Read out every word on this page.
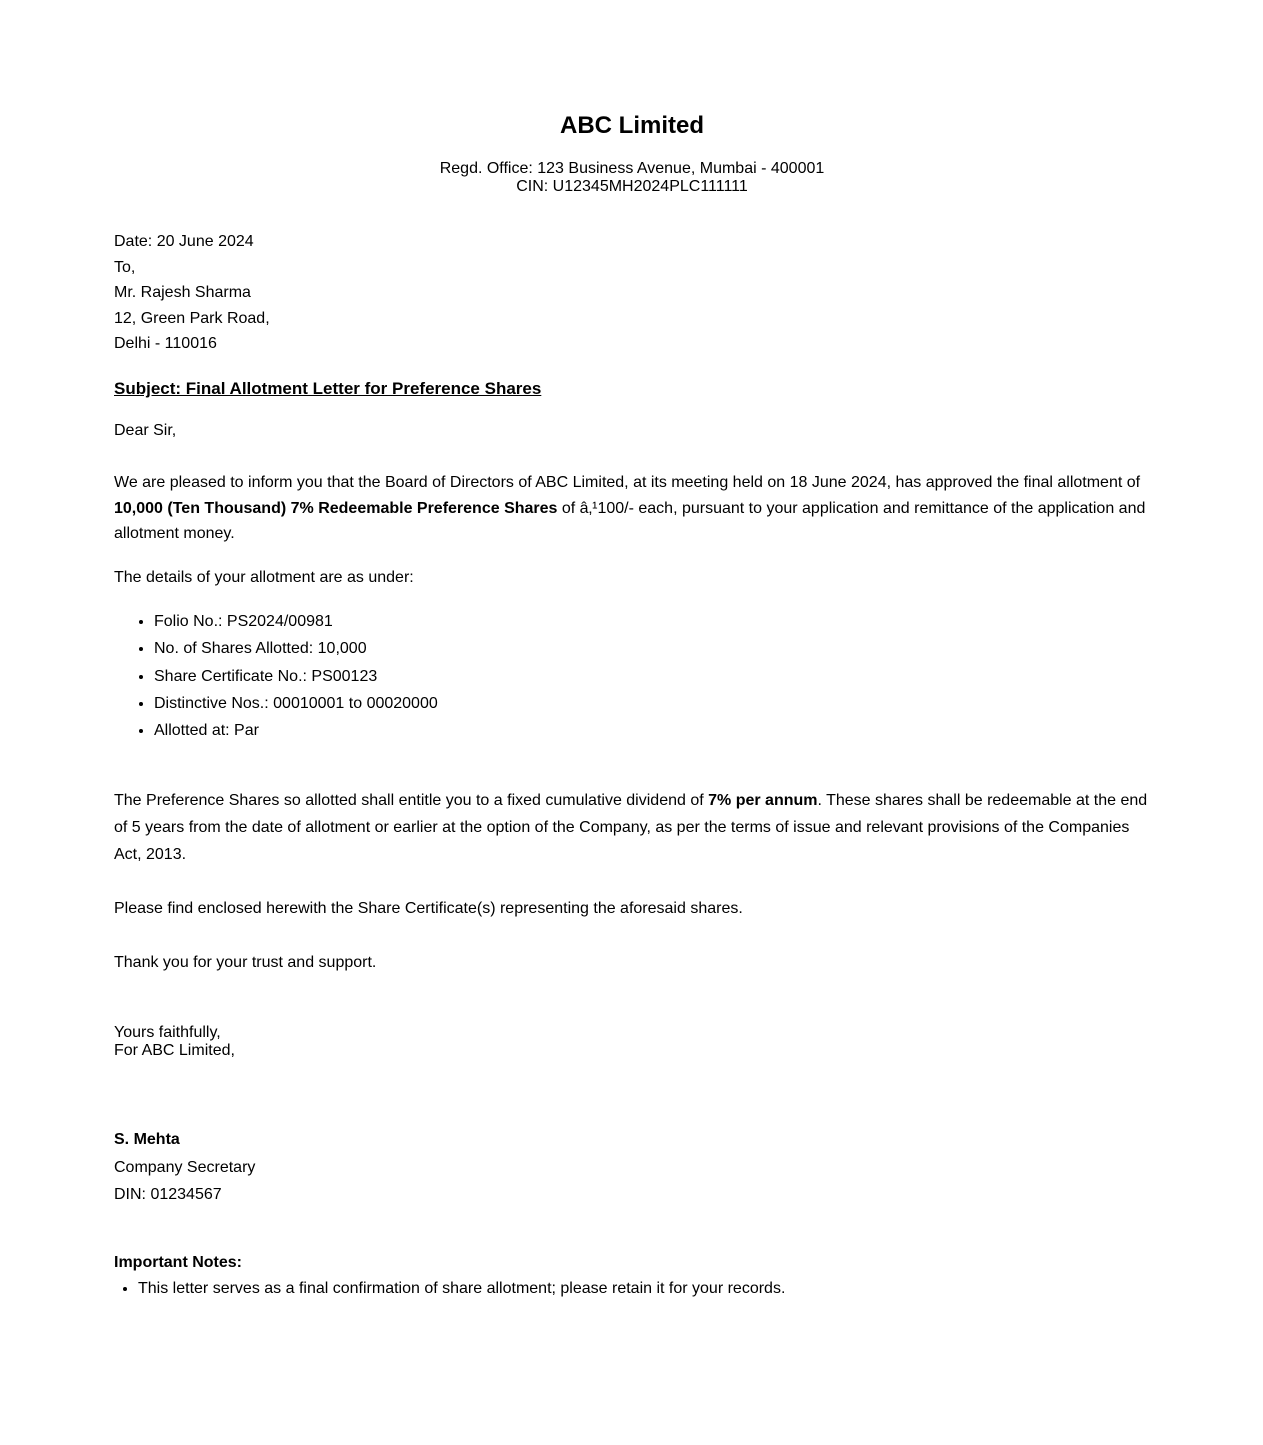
ABC Limited
Regd. Office: 123 Business Avenue, Mumbai - 400001
CIN: U12345MH2024PLC111111
Date: 20 June 2024
To,
Mr. Rajesh Sharma
12, Green Park Road,
Delhi - 110016
Subject: Final Allotment Letter for Preference Shares
Dear Sir,
We are pleased to inform you that the Board of Directors of ABC Limited, at its meeting held on 18 June 2024, has approved the final allotment of 10,000 (Ten Thousand) 7% Redeemable Preference Shares of â‚¹100/- each, pursuant to your application and remittance of the application and allotment money.
The details of your allotment are as under:
• Folio No.: PS2024/00981
• No. of Shares Allotted: 10,000
• Share Certificate No.: PS00123
• Distinctive Nos.: 00010001 to 00020000
• Allotted at: Par
The Preference Shares so allotted shall entitle you to a fixed cumulative dividend of 7% per annum. These shares shall be redeemable at the end of 5 years from the date of allotment or earlier at the option of the Company, as per the terms of issue and relevant provisions of the Companies Act, 2013.
Please find enclosed herewith the Share Certificate(s) representing the aforesaid shares.
Thank you for your trust and support.
Yours faithfully,
For ABC Limited,
S. Mehta
Company Secretary
DIN: 01234567
Important Notes:
• This letter serves as a final confirmation of share allotment; please retain it for your records.
